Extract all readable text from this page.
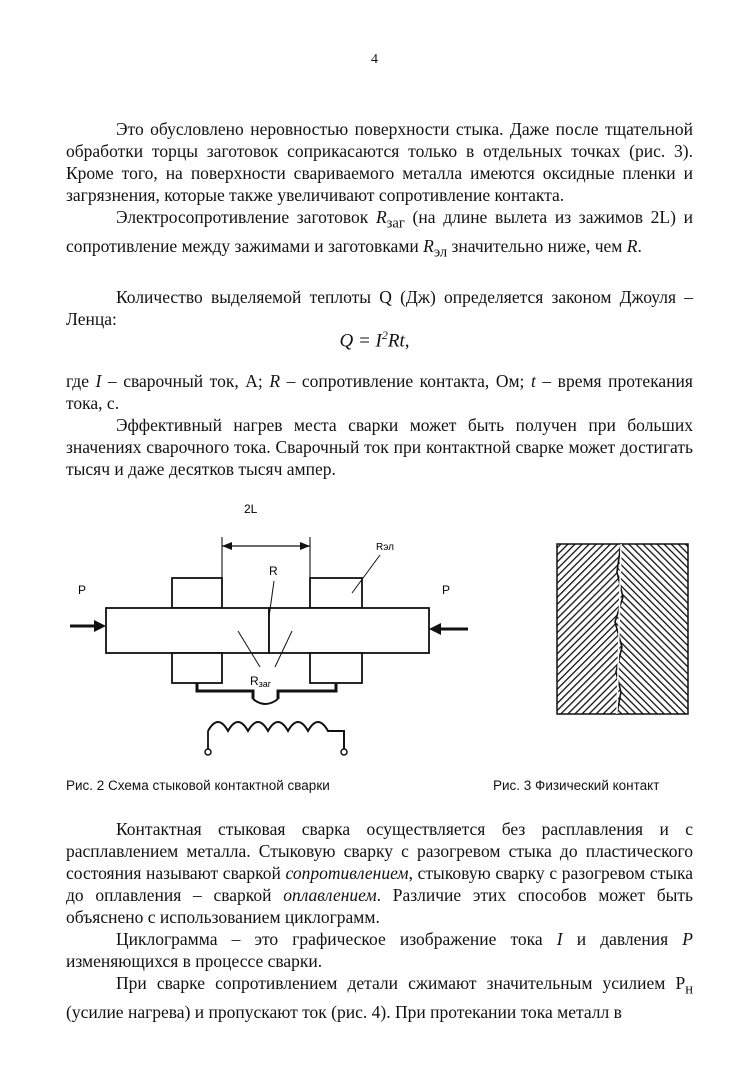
4

Это обусловлено неровностью поверхности стыка. Даже после тщательной обработки торцы заготовок соприкасаются только в отдельных точках (рис. 3). Кроме того, на поверхности свариваемого металла имеются оксидные пленки и загрязнения, которые также увеличивают сопротивление контакта.

Электросопротивление заготовок $R_{заг}$ (на длине вылета из зажимов 2L) и сопротивление между зажимами и заготовками $R_{эл}$ значительно ниже, чем R.

Количество выделяемой теплоты Q (Дж) определяется законом Джоуля –Ленца:

$Q = I^2Rt$,

где I – сварочный ток, А; R – сопротивление контакта, Ом; t – время протекания тока, с.

Эффективный нагрев места сварки может быть получен при больших значениях сварочного тока. Сварочный ток при контактной сварке может достигать тысяч и даже десятков тысяч ампер.

2L
R
Rэл
P	P
Rзаг
Рис. 2 Схема стыковой контактной сварки	Рис. 3 Физический контакт

Контактная стыковая сварка осуществляется без расплавления и с расплавлением металла. Стыковую сварку с разогревом стыка до пластического состояния называют сваркой сопротивлением, стыковую сварку с разогревом стыка до оплавления – сваркой оплавлением. Различие этих способов может быть объяснено с использованием циклограмм.

Циклограмма – это графическое изображение тока I и давления P изменяющихся в процессе сварки.

При сварке сопротивлением детали сжимают значительным усилием $P_н$ (усилие нагрева) и пропускают ток (рис. 4). При протекании тока металл в
